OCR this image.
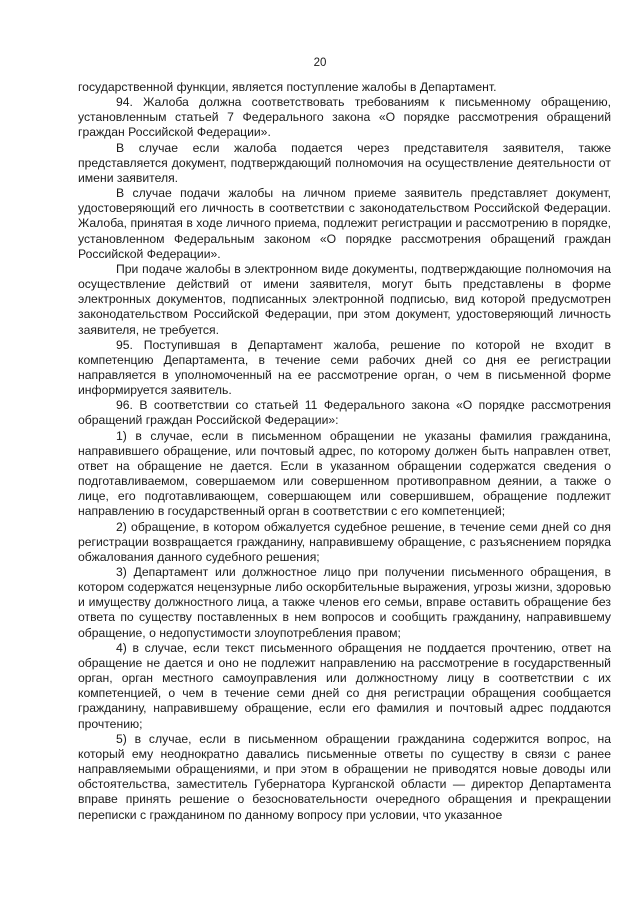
20

государственной функции, является поступление жалобы в Департамент.

94. Жалоба должна соответствовать требованиям к письменному обращению, установленным статьей 7 Федерального закона «О порядке рассмотрения обращений граждан Российской Федерации».

В случае если жалоба подается через представителя заявителя, также представляется документ, подтверждающий полномочия на осуществление деятельности от имени заявителя.

В случае подачи жалобы на личном приеме заявитель представляет документ, удостоверяющий его личность в соответствии с законодательством Российской Федерации. Жалоба, принятая в ходе личного приема, подлежит регистрации и рассмотрению в порядке, установленном Федеральным законом «О порядке рассмотрения обращений граждан Российской Федерации».

При подаче жалобы в электронном виде документы, подтверждающие полномочия на осуществление действий от имени заявителя, могут быть представлены в форме электронных документов, подписанных электронной подписью, вид которой предусмотрен законодательством Российской Федерации, при этом документ, удостоверяющий личность заявителя, не требуется.

95. Поступившая в Департамент жалоба, решение по которой не входит в компетенцию Департамента, в течение семи рабочих дней со дня ее регистрации направляется в уполномоченный на ее рассмотрение орган, о чем в письменной форме информируется заявитель.

96. В соответствии со статьей 11 Федерального закона «О порядке рассмотрения обращений граждан Российской Федерации»:

1) в случае, если в письменном обращении не указаны фамилия гражданина, направившего обращение, или почтовый адрес, по которому должен быть направлен ответ, ответ на обращение не дается. Если в указанном обращении содержатся сведения о подготавливаемом, совершаемом или совершенном противоправном деянии, а также о лице, его подготавливающем, совершающем или совершившем, обращение подлежит направлению в государственный орган в соответствии с его компетенцией;

2) обращение, в котором обжалуется судебное решение, в течение семи дней со дня регистрации возвращается гражданину, направившему обращение, с разъяснением порядка обжалования данного судебного решения;

3) Департамент или должностное лицо при получении письменного обращения, в котором содержатся нецензурные либо оскорбительные выражения, угрозы жизни, здоровью и имуществу должностного лица, а также членов его семьи, вправе оставить обращение без ответа по существу поставленных в нем вопросов и сообщить гражданину, направившему обращение, о недопустимости злоупотребления правом;

4) в случае, если текст письменного обращения не поддается прочтению, ответ на обращение не дается и оно не подлежит направлению на рассмотрение в государственный орган, орган местного самоуправления или должностному лицу в соответствии с их компетенцией, о чем в течение семи дней со дня регистрации обращения сообщается гражданину, направившему обращение, если его фамилия и почтовый адрес поддаются прочтению;

5) в случае, если в письменном обращении гражданина содержится вопрос, на который ему неоднократно давались письменные ответы по существу в связи с ранее направляемыми обращениями, и при этом в обращении не приводятся новые доводы или обстоятельства, заместитель Губернатора Курганской области — директор Департамента вправе принять решение о безосновательности очередного обращения и прекращении переписки с гражданином по данному вопросу при условии, что указанное
